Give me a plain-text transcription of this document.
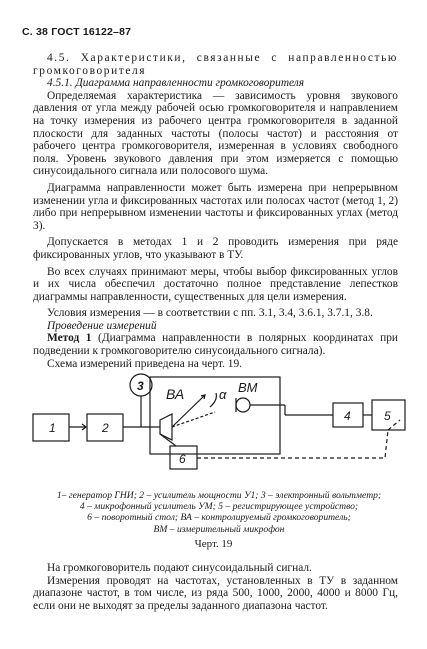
С. 38 ГОСТ 16122–87

4.5. Характеристики, связанные с направленностью громкоговорителя

4.5.1. Диаграмма направленности громкоговорителя

Определяемая характеристика — зависимость уровня звукового давления от угла между рабочей осью громкоговорителя и направлением на точку измерения из рабочего центра громкоговорителя в заданной плоскости для заданных частоты (полосы частот) и расстояния от рабочего центра громкоговорителя, измеренная в условиях свободного поля. Уровень звукового давления при этом измеряется с помощью синусоидального сигнала или полосового шума.

Диаграмма направленности может быть измерена при непрерывном изменении угла и фиксированных частотах или полосах частот (метод 1, 2) либо при непрерывном изменении частоты и фиксированных углах (метод 3).

Допускается в методах 1 и 2 проводить измерения при ряде фиксированных углов, что указывают в ТУ.

Во всех случаях принимают меры, чтобы выбор фиксированных углов и их числа обеспечил достаточно полное представление лепестков диаграммы направленности, существенных для цели измерения.

Условия измерения — в соответствии с пп. 3.1, 3.4, 3.6.1, 3.7.1, 3.8.

Проведение измерений

Метод 1 (Диаграмма направленности в полярных координатах при подведении к громкоговорителю синусоидального сигнала).

Схема измерений приведена на черт. 19.

1	2
3 ВА	α ВМ
6
4	5
1– генератор ГНИ; 2 – усилитель мощности У1; 3 – электронный вольтметр;
4 – микрофонный усилитель УМ; 5 – регистрирующее устройство;
6 – поворотный стол; ВА – контролируемый громкоговоритель;
ВМ – измерительный микрофон
Черт. 19

На громкоговоритель подают синусоидальный сигнал.

Измерения проводят на частотах, установленных в ТУ в заданном диапазоне частот, в том числе, из ряда 500, 1000, 2000, 4000 и 8000 Гц, если они не выходят за пределы заданного диапазона частот.
